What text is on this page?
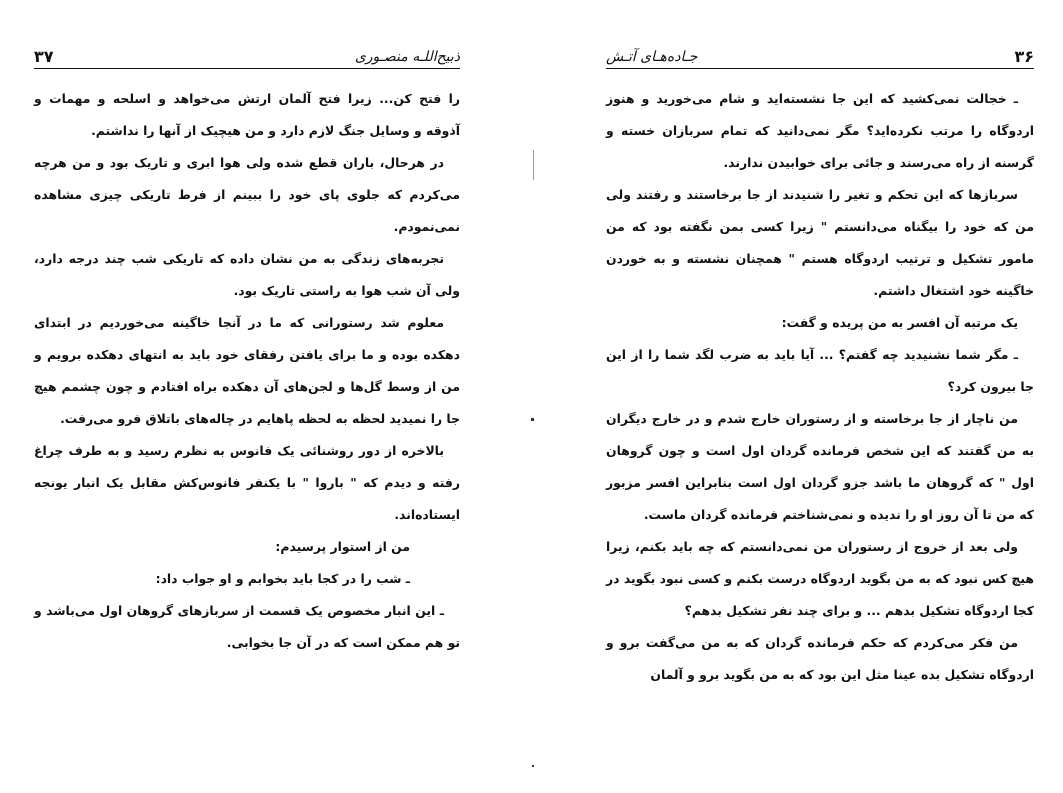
ذبیح‌اللـه منصـوری
۳۷

را فتح کن... زیرا فتح آلمان ارتش می‌خواهد و اسلحه و مهمات و آذوقه و وسایل جنگ لازم دارد و من هیچیک از آنها را نداشتم.

در هرحال، باران قطع شده ولی هوا ابری و تاریک بود و من هرچه می‌کردم که جلوی پای خود را ببینم از فرط تاریکی چیزی مشاهده نمی‌نمودم.

تجربه‌های زندگی به من نشان داده که تاریکی شب چند درجه دارد، ولی آن شب هوا به راستی تاریک بود.

معلوم شد رستورانی که ما در آنجا خاگینه می‌خوردیم در ابتدای دهکده بوده و ما برای یافتن رفقای خود باید به انتهای دهکده برویم و من از وسط گل‌ها و لجن‌های آن دهکده براه افتادم و چون چشمم هیچ جا را نمیدید لحظه به لحظه پاهایم در چاله‌های باتلاق فرو می‌رفت.

بالاخره از دور روشنائی یک فانوس به نظرم رسید و به طرف چراغ رفته و دیدم که " باروا " با یکنفر فانوس‌کش مقابل یک انبار یونجه ایستاده‌اند.

من از استوار پرسیدم:

ـ شب را در کجا باید بخوابم و او جواب داد:

ـ این انبار مخصوص یک قسمت از سربازهای گروهان اول می‌باشد و تو هم ممکن است که در آن جا بخوابی.

۳۶
جـاده‌هـای آتـش

ـ خجالت نمی‌کشید که این جا نشسته‌اید و شام می‌خورید و هنوز اردوگاه را مرتب نکرده‌اید؟ مگر نمی‌دانید که تمام سربازان خسته و گرسنه از راه می‌رسند و جائی برای خوابیدن ندارند.

سربازها که این تحکم و تغیر را شنیدند از جا برخاستند و رفتند ولی من که خود را بیگناه می‌دانستم " زیرا کسی بمن نگفته بود که من مامور تشکیل و ترتیب اردوگاه هستم " همچنان نشسته و به خوردن خاگینه خود اشتغال داشتم.

یک مرتبه آن افسر به من پریده و گفت:

ـ مگر شما نشنیدید چه گفتم؟ ... آیا باید به ضرب لگد شما را از این جا بیرون کرد؟

من ناچار از جا برخاسته و از رستوران خارج شدم و در خارج دیگران به من گفتند که این شخص فرمانده گردان اول است و چون گروهان اول " که گروهان ما باشد جزو گردان اول است بنابراین افسر مزبور که من تا آن روز او را ندیده و نمی‌شناختم فرمانده گردان ماست.

ولی بعد از خروج از رستوران من نمی‌دانستم که چه باید بکنم، زیرا هیچ کس نبود که به من بگوید اردوگاه درست بکنم و کسی نبود بگوید در کجا اردوگاه تشکیل بدهم ... و برای چند نفر تشکیل بدهم؟

من فکر می‌کردم که حکم فرمانده گردان که به من می‌گفت برو و اردوگاه تشکیل بده عینا مثل این بود که به من بگوید برو و آلمان
